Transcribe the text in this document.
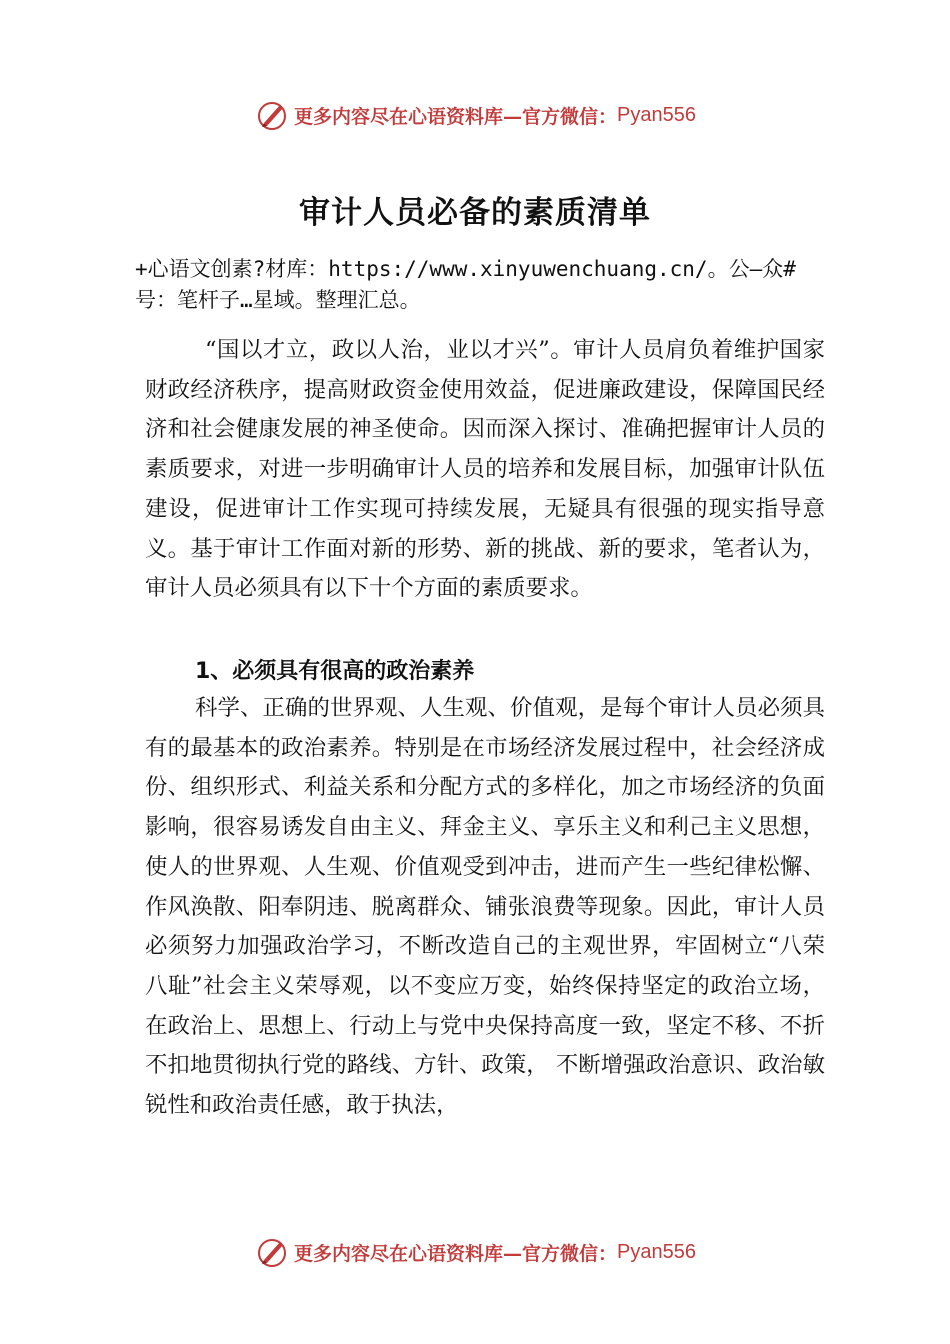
更多内容尽在心语资料库—官方微信： Pyan556
审计人员必备的素质清单
+心语文创素?材库：https://www.xinyuwenchuang.cn/。公—众#号：笔杆子…星域。整理汇总。
“国以才立，政以人治，业以才兴”。审计人员肩负着维护国家财政经济秩序，提高财政资金使用效益，促进廉政建设，保障国民经济和社会健康发展的神圣使命。因而深入探讨、准确把握审计人员的素质要求，对进一步明确审计人员的培养和发展目标，加强审计队伍建设，促进审计工作实现可持续发展，无疑具有很强的现实指导意义。基于审计工作面对新的形势、新的挑战、新的要求，笔者认为，审计人员必须具有以下十个方面的素质要求。
1、必须具有很高的政治素养
科学、正确的世界观、人生观、价值观，是每个审计人员必须具有的最基本的政治素养。特别是在市场经济发展过程中，社会经济成份、组织形式、利益关系和分配方式的多样化，加之市场经济的负面影响，很容易诱发自由主义、拜金主义、享乐主义和利己主义思想，使人的世界观、人生观、价值观受到冲击，进而产生一些纪律松懈、作风涣散、阳奉阴违、脱离群众、铺张浪费等现象。因此，审计人员必须努力加强政治学习，不断改造自己的主观世界，牢固树立“八荣八耻”社会主义荣辱观，以不变应万变，始终保持坚定的政治立场，在政治上、思想上、行动上与党中央保持高度一致，坚定不移、不折不扣地贯彻执行党的路线、方针、政策， 不断增强政治意识、政治敏锐性和政治责任感，敢于执法，
更多内容尽在心语资料库—官方微信： Pyan556
